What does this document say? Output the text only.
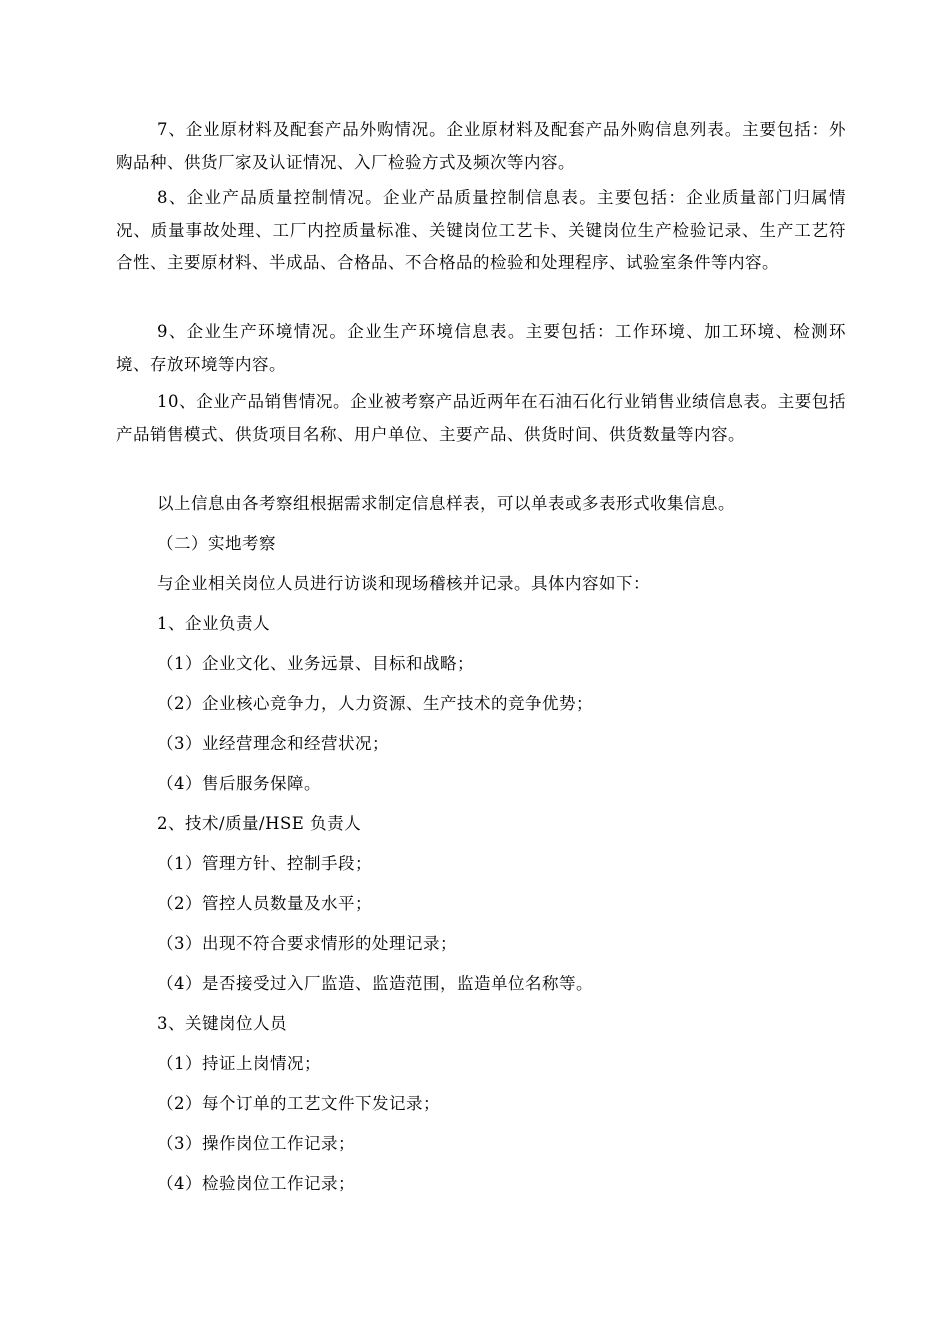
7、企业原材料及配套产品外购情况。企业原材料及配套产品外购信息列表。主要包括：外购品种、供货厂家及认证情况、入厂检验方式及频次等内容。

8、企业产品质量控制情况。企业产品质量控制信息表。主要包括：企业质量部门归属情况、质量事故处理、工厂内控质量标准、关键岗位工艺卡、关键岗位生产检验记录、生产工艺符合性、主要原材料、半成品、合格品、不合格品的检验和处理程序、试验室条件等内容。

9、企业生产环境情况。企业生产环境信息表。主要包括：工作环境、加工环境、检测环境、存放环境等内容。

10、企业产品销售情况。企业被考察产品近两年在石油石化行业销售业绩信息表。主要包括产品销售模式、供货项目名称、用户单位、主要产品、供货时间、供货数量等内容。

以上信息由各考察组根据需求制定信息样表，可以单表或多表形式收集信息。

（二）实地考察

与企业相关岗位人员进行访谈和现场稽核并记录。具体内容如下：

1、企业负责人

（1）企业文化、业务远景、目标和战略；

（2）企业核心竞争力，人力资源、生产技术的竞争优势；

（3）业经营理念和经营状况；

（4）售后服务保障。

2、技术/质量/HSE 负责人

（1）管理方针、控制手段；

（2）管控人员数量及水平；

（3）出现不符合要求情形的处理记录；

（4）是否接受过入厂监造、监造范围，监造单位名称等。

3、关键岗位人员

（1）持证上岗情况；

（2）每个订单的工艺文件下发记录；

（3）操作岗位工作记录；

（4）检验岗位工作记录；
